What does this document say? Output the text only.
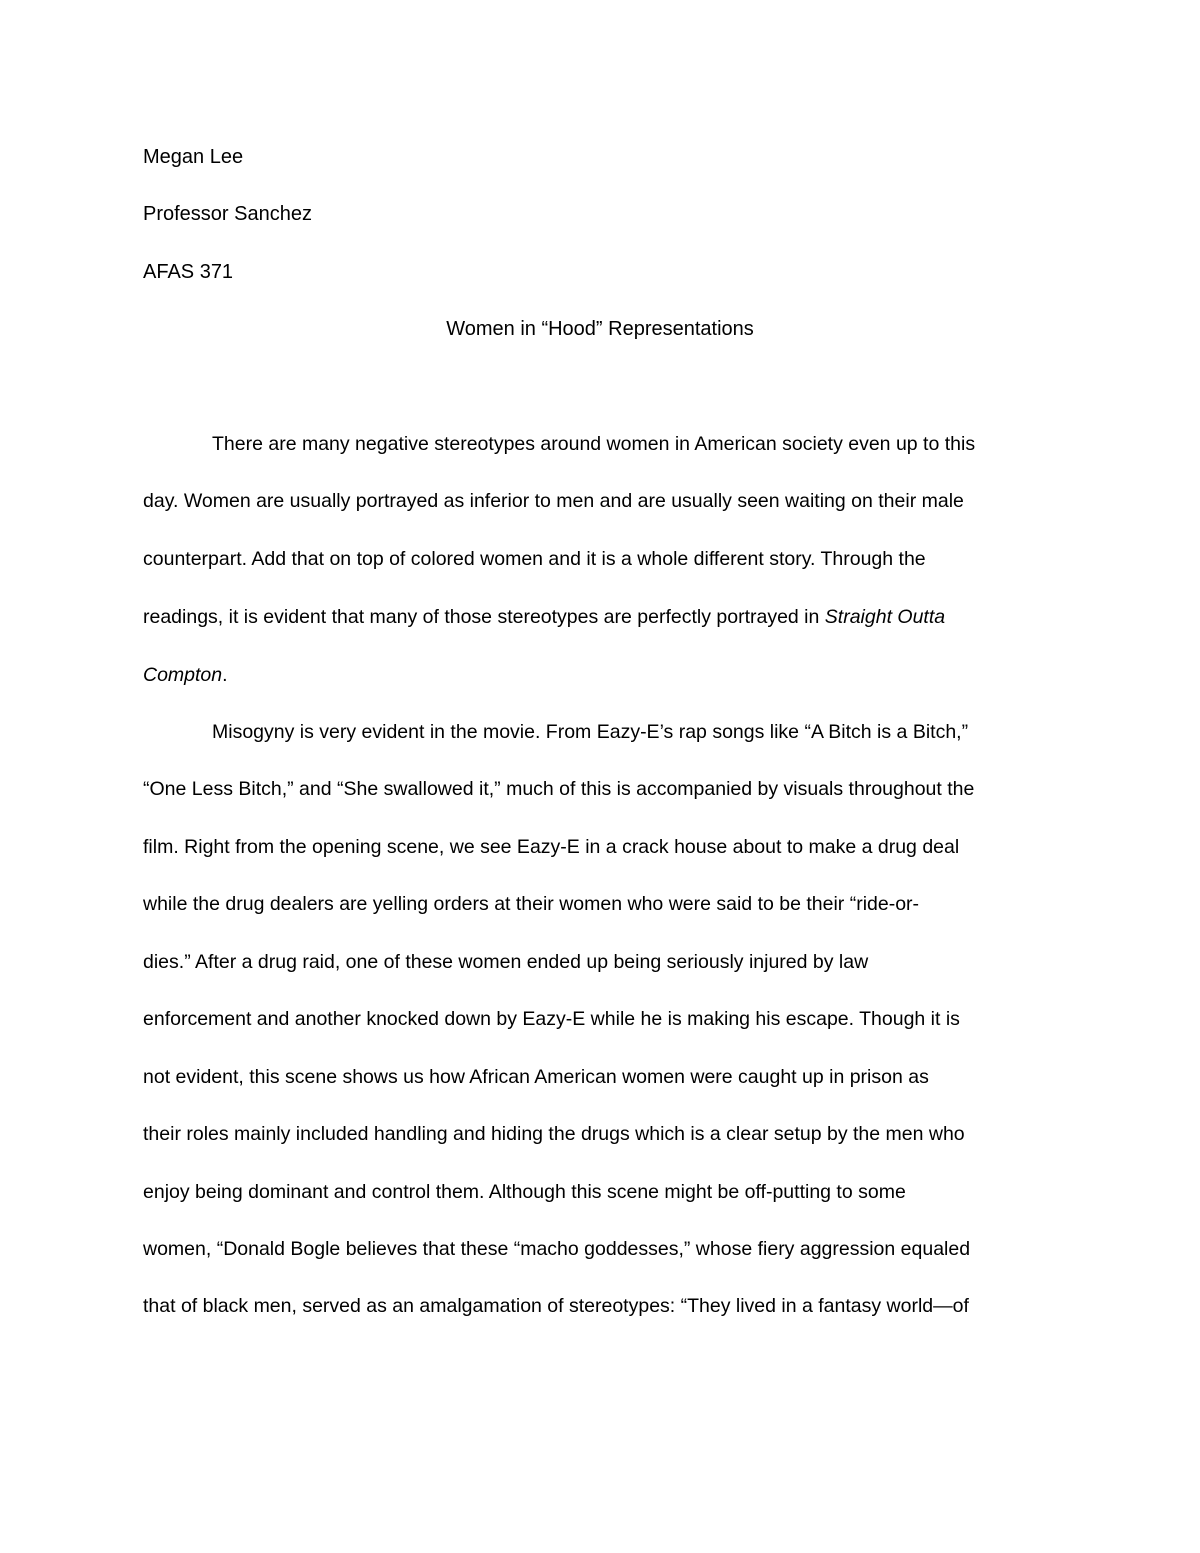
Megan Lee
Professor Sanchez
AFAS 371
Women in “Hood” Representations
There are many negative stereotypes around women in American society even up to this
day. Women are usually portrayed as inferior to men and are usually seen waiting on their male
counterpart. Add that on top of colored women and it is a whole different story. Through the
readings, it is evident that many of those stereotypes are perfectly portrayed in Straight Outta
Compton.
Misogyny is very evident in the movie. From Eazy-E’s rap songs like “A Bitch is a Bitch,”
“One Less Bitch,” and “She swallowed it,” much of this is accompanied by visuals throughout the
film. Right from the opening scene, we see Eazy-E in a crack house about to make a drug deal
while the drug dealers are yelling orders at their women who were said to be their “ride-or-
dies.” After a drug raid, one of these women ended up being seriously injured by law
enforcement and another knocked down by Eazy-E while he is making his escape. Though it is
not evident, this scene shows us how African American women were caught up in prison as
their roles mainly included handling and hiding the drugs which is a clear setup by the men who
enjoy being dominant and control them. Although this scene might be off-putting to some
women, “Donald Bogle believes that these “macho goddesses,” whose fiery aggression equaled
that of black men, served as an amalgamation of stereotypes: “They lived in a fantasy world—of
